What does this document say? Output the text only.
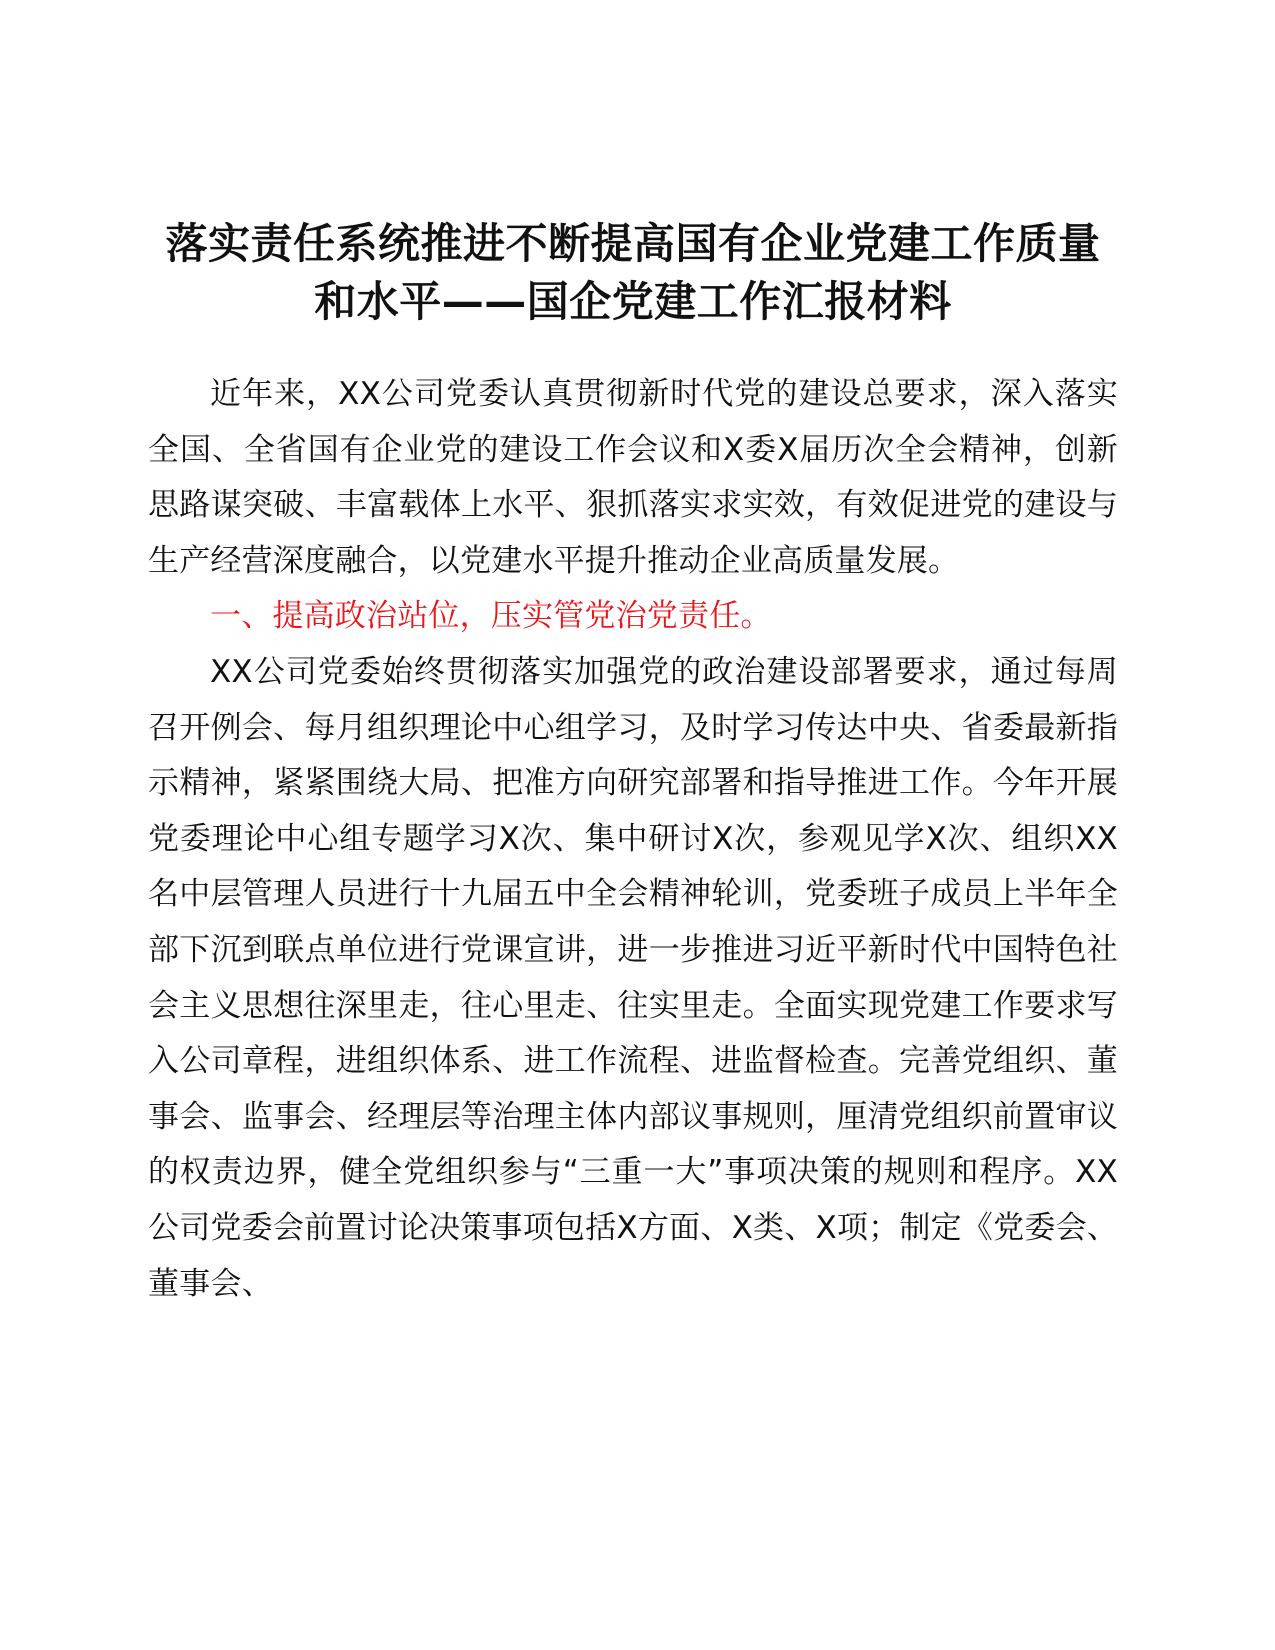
落实责任系统推进不断提高国有企业党建工作质量和水平——国企党建工作汇报材料

近年来，XX公司党委认真贯彻新时代党的建设总要求，深入落实全国、全省国有企业党的建设工作会议和X委X届历次全会精神，创新思路谋突破、丰富载体上水平、狠抓落实求实效，有效促进党的建设与生产经营深度融合，以党建水平提升推动企业高质量发展。

一、提高政治站位，压实管党治党责任。

XX公司党委始终贯彻落实加强党的政治建设部署要求，通过每周召开例会、每月组织理论中心组学习，及时学习传达中央、省委最新指示精神，紧紧围绕大局、把准方向研究部署和指导推进工作。今年开展党委理论中心组专题学习X次、集中研讨X次，参观见学X次、组织XX名中层管理人员进行十九届五中全会精神轮训，党委班子成员上半年全部下沉到联点单位进行党课宣讲，进一步推进习近平新时代中国特色社会主义思想往深里走，往心里走、往实里走。全面实现党建工作要求写入公司章程，进组织体系、进工作流程、进监督检查。完善党组织、董事会、监事会、经理层等治理主体内部议事规则，厘清党组织前置审议的权责边界，健全党组织参与“三重一大”事项决策的规则和程序。XX公司党委会前置讨论决策事项包括X方面、X类、X项；制定《党委会、董事会、
